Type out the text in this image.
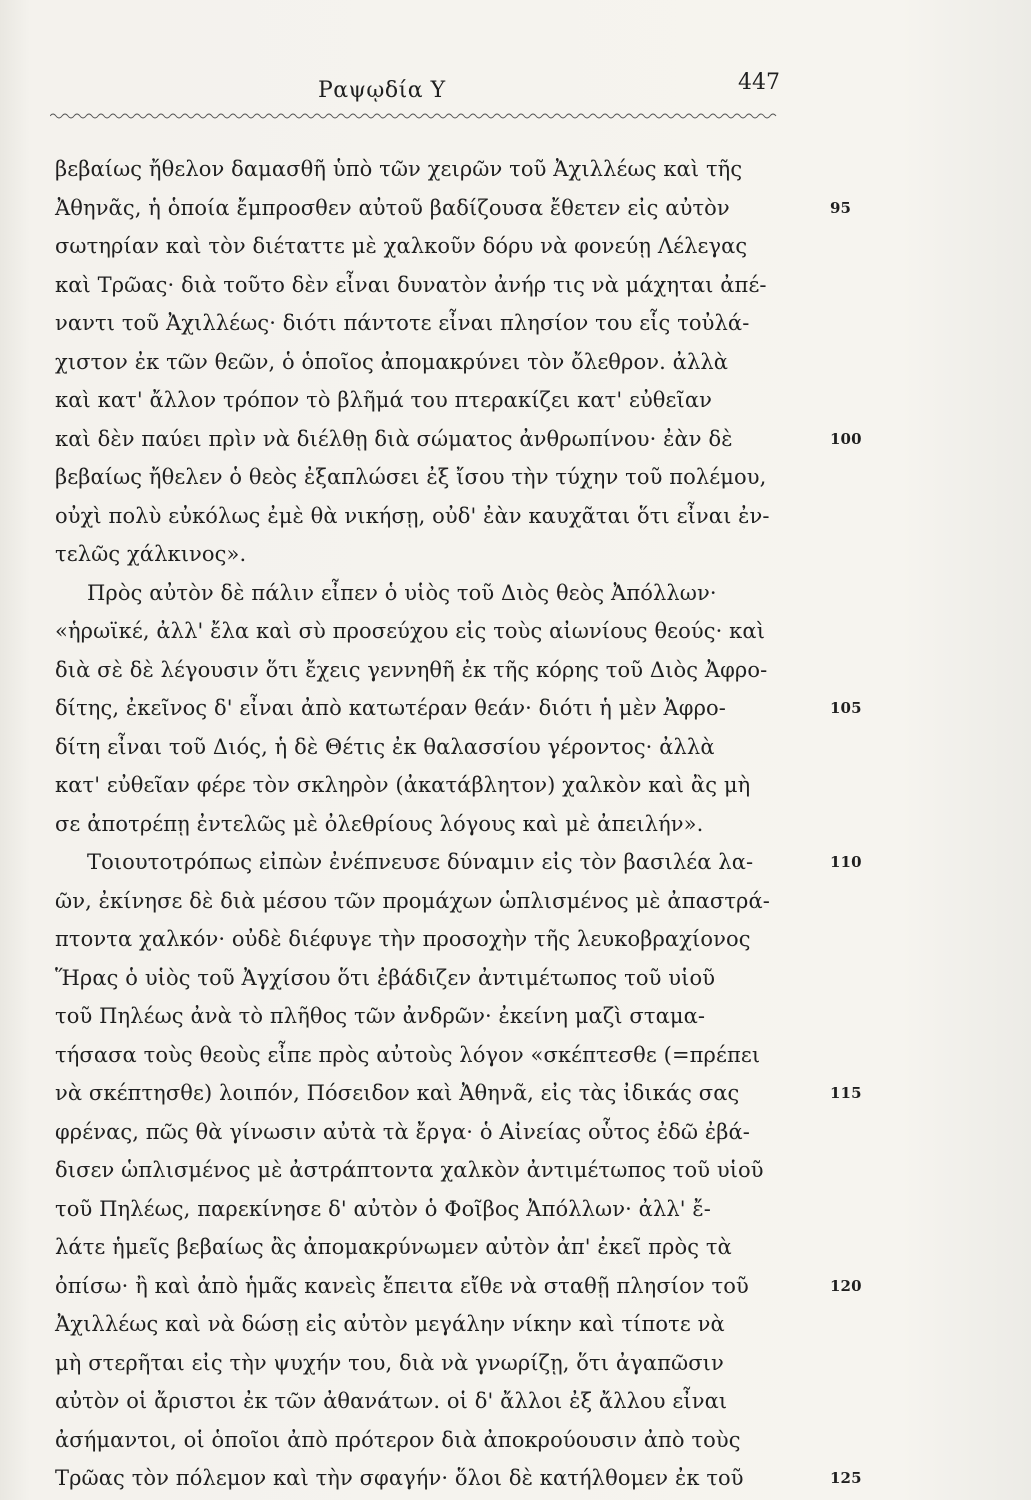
Ραψῳδία Υ	447
βεβαίως ἤθελον δαμασθῆ ὑπὸ τῶν χειρῶν τοῦ Ἀχιλλέως καὶ τῆς
Ἀθηνᾶς, ἡ ὁποία ἔμπροσθεν αὐτοῦ βαδίζουσα ἔθετεν εἰς αὐτὸν	95
σωτηρίαν καὶ τὸν διέταττε μὲ χαλκοῦν δόρυ νὰ φονεύῃ Λέλεγας
καὶ Τρῶας· διὰ τοῦτο δὲν εἶναι δυνατὸν ἀνήρ τις νὰ μάχηται ἀπέ-
ναντι τοῦ Ἀχιλλέως· διότι πάντοτε εἶναι πλησίον του εἷς τοὐλά-
χιστον ἐκ τῶν θεῶν, ὁ ὁποῖος ἀπομακρύνει τὸν ὄλεθρον. ἀλλὰ
καὶ κατ' ἄλλον τρόπον τὸ βλῆμά του πτερακίζει κατ' εὐθεῖαν
καὶ δὲν παύει πρὶν νὰ διέλθῃ διὰ σώματος ἀνθρωπίνου· ἐὰν δὲ	100
βεβαίως ἤθελεν ὁ θεὸς ἐξαπλώσει ἐξ ἴσου τὴν τύχην τοῦ πολέμου,
οὐχὶ πολὺ εὐκόλως ἐμὲ θὰ νικήσῃ, οὐδ' ἐὰν καυχᾶται ὅτι εἶναι ἐν-
τελῶς χάλκινος».
Πρὸς αὐτὸν δὲ πάλιν εἶπεν ὁ υἱὸς τοῦ Διὸς θεὸς Ἀπόλλων·
«ἡρωϊκέ, ἀλλ' ἔλα καὶ σὺ προσεύχου εἰς τοὺς αἰωνίους θεούς· καὶ
διὰ σὲ δὲ λέγουσιν ὅτι ἔχεις γεννηθῆ ἐκ τῆς κόρης τοῦ Διὸς Ἀφρο-
δίτης, ἐκεῖνος δ' εἶναι ἀπὸ κατωτέραν θεάν· διότι ἡ μὲν Ἀφρο-	105
δίτη εἶναι τοῦ Διός, ἡ δὲ Θέτις ἐκ θαλασσίου γέροντος· ἀλλὰ
κατ' εὐθεῖαν φέρε τὸν σκληρὸν (ἀκατάβλητον) χαλκὸν καὶ ἂς μὴ
σε ἀποτρέπῃ ἐντελῶς μὲ ὀλεθρίους λόγους καὶ μὲ ἀπειλήν».
Τοιουτοτρόπως εἰπὼν ἐνέπνευσε δύναμιν εἰς τὸν βασιλέα λα-	110
ῶν, ἐκίνησε δὲ διὰ μέσου τῶν προμάχων ὡπλισμένος μὲ ἀπαστρά-
πτοντα χαλκόν· οὐδὲ διέφυγε τὴν προσοχὴν τῆς λευκοβραχίονος
Ἥρας ὁ υἱὸς τοῦ Ἀγχίσου ὅτι ἐβάδιζεν ἀντιμέτωπος τοῦ υἱοῦ
τοῦ Πηλέως ἀνὰ τὸ πλῆθος τῶν ἀνδρῶν· ἐκείνη μαζὶ σταμα-
τήσασα τοὺς θεοὺς εἶπε πρὸς αὐτοὺς λόγον «σκέπτεσθε (=πρέπει
νὰ σκέπτησθε) λοιπόν, Πόσειδον καὶ Ἀθηνᾶ, εἰς τὰς ἰδικάς σας	115
φρένας, πῶς θὰ γίνωσιν αὐτὰ τὰ ἔργα· ὁ Αἰνείας οὗτος ἐδῶ ἐβά-
δισεν ὡπλισμένος μὲ ἀστράπτοντα χαλκὸν ἀντιμέτωπος τοῦ υἱοῦ
τοῦ Πηλέως, παρεκίνησε δ' αὐτὸν ὁ Φοῖβος Ἀπόλλων· ἀλλ' ἔ-
λάτε ἡμεῖς βεβαίως ἂς ἀπομακρύνωμεν αὐτὸν ἀπ' ἐκεῖ πρὸς τὰ
ὀπίσω· ἢ καὶ ἀπὸ ἡμᾶς κανεὶς ἔπειτα εἴθε νὰ σταθῇ πλησίον τοῦ	120
Ἀχιλλέως καὶ νὰ δώσῃ εἰς αὐτὸν μεγάλην νίκην καὶ τίποτε νὰ
μὴ στερῆται εἰς τὴν ψυχήν του, διὰ νὰ γνωρίζῃ, ὅτι ἀγαπῶσιν
αὐτὸν οἱ ἄριστοι ἐκ τῶν ἀθανάτων. οἱ δ' ἄλλοι ἐξ ἄλλου εἶναι
ἀσήμαντοι, οἱ ὁποῖοι ἀπὸ πρότερον διὰ ἀποκρούουσιν ἀπὸ τοὺς
Τρῶας τὸν πόλεμον καὶ τὴν σφαγήν· ὅλοι δὲ κατήλθομεν ἐκ τοῦ	125
